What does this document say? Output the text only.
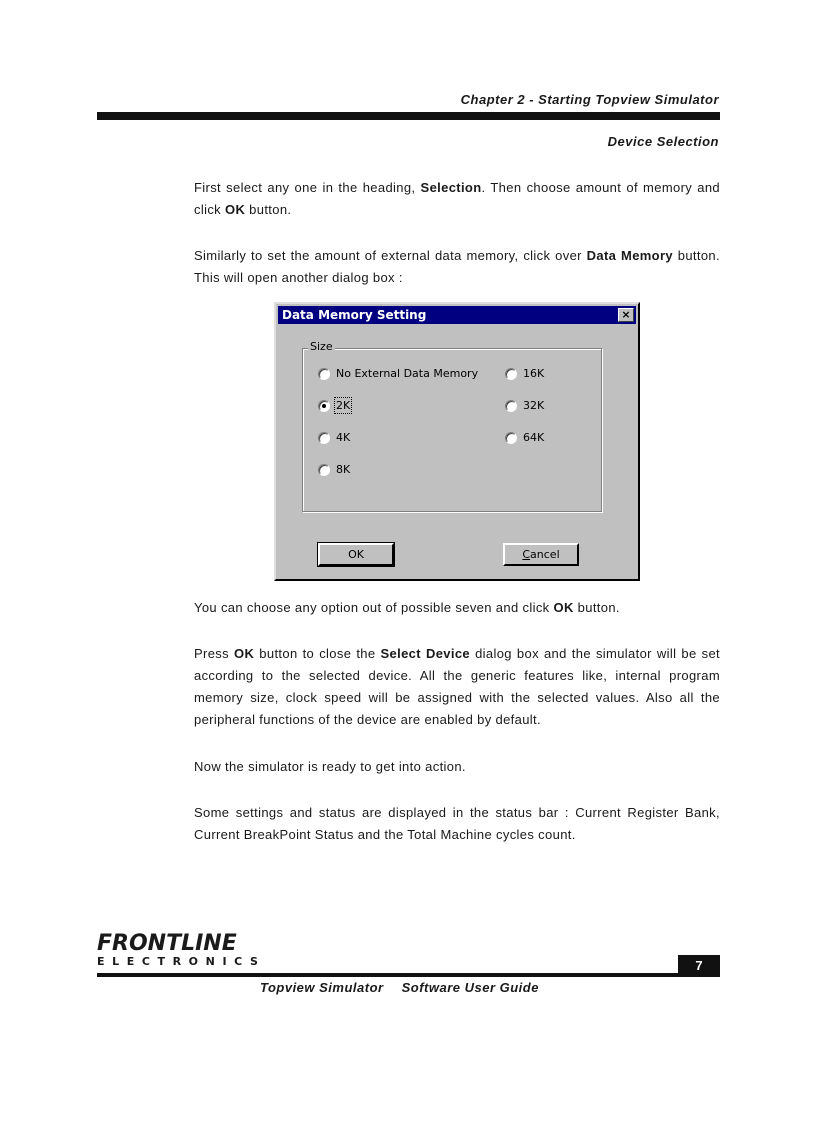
Chapter 2 - Starting Topview Simulator
Device Selection

First select any one in the heading, Selection. Then choose amount of memory and click OK button.

Similarly to set the amount of external data memory, click over Data Memory button. This will open another dialog box :

Data Memory Setting	×
Size
No External Data Memory
2K
4K
8K
16K
32K
64K
OK	Cancel

You can choose any option out of possible seven and click OK button.

Press OK button to close the Select Device dialog box and the simulator will be set according to the selected device. All the generic features like, internal program memory size, clock speed will be assigned with the selected values. Also all the peripheral functions of the device are enabled by default.

Now the simulator is ready to get into action.

Some settings and status are displayed in the status bar : Current Register Bank, Current BreakPoint Status and the Total Machine cycles count.

FRONTLINE
ELECTRONICS	7
Topview Simulator Software User Guide
